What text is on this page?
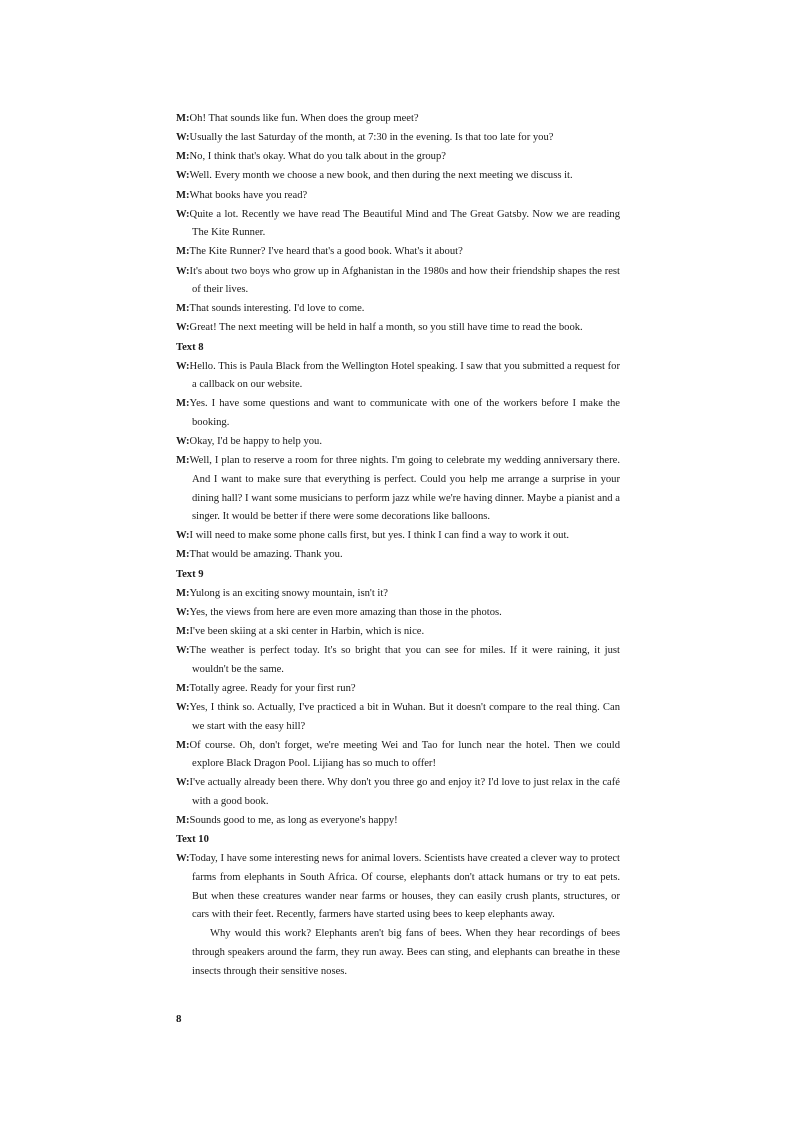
M:Oh! That sounds like fun. When does the group meet?
W:Usually the last Saturday of the month, at 7:30 in the evening. Is that too late for you?
M:No, I think that's okay. What do you talk about in the group?
W:Well. Every month we choose a new book, and then during the next meeting we discuss it.
M:What books have you read?
W:Quite a lot. Recently we have read The Beautiful Mind and The Great Gatsby. Now we are reading The Kite Runner.
M:The Kite Runner? I've heard that's a good book. What's it about?
W:It's about two boys who grow up in Afghanistan in the 1980s and how their friendship shapes the rest of their lives.
M:That sounds interesting. I'd love to come.
W:Great! The next meeting will be held in half a month, so you still have time to read the book.
Text 8
W:Hello. This is Paula Black from the Wellington Hotel speaking. I saw that you submitted a request for a callback on our website.
M:Yes. I have some questions and want to communicate with one of the workers before I make the booking.
W:Okay, I'd be happy to help you.
M:Well, I plan to reserve a room for three nights. I'm going to celebrate my wedding anniversary there. And I want to make sure that everything is perfect. Could you help me arrange a surprise in your dining hall? I want some musicians to perform jazz while we're having dinner. Maybe a pianist and a singer. It would be better if there were some decorations like balloons.
W:I will need to make some phone calls first, but yes. I think I can find a way to work it out.
M:That would be amazing. Thank you.
Text 9
M:Yulong is an exciting snowy mountain, isn't it?
W:Yes, the views from here are even more amazing than those in the photos.
M:I've been skiing at a ski center in Harbin, which is nice.
W:The weather is perfect today. It's so bright that you can see for miles. If it were raining, it just wouldn't be the same.
M:Totally agree. Ready for your first run?
W:Yes, I think so. Actually, I've practiced a bit in Wuhan. But it doesn't compare to the real thing. Can we start with the easy hill?
M:Of course. Oh, don't forget, we're meeting Wei and Tao for lunch near the hotel. Then we could explore Black Dragon Pool. Lijiang has so much to offer!
W:I've actually already been there. Why don't you three go and enjoy it? I'd love to just relax in the café with a good book.
M:Sounds good to me, as long as everyone's happy!
Text 10
W:Today, I have some interesting news for animal lovers. Scientists have created a clever way to protect farms from elephants in South Africa. Of course, elephants don't attack humans or try to eat pets. But when these creatures wander near farms or houses, they can easily crush plants, structures, or cars with their feet. Recently, farmers have started using bees to keep elephants away.
Why would this work? Elephants aren't big fans of bees. When they hear recordings of bees through speakers around the farm, they run away. Bees can sting, and elephants can breathe in these insects through their sensitive noses.
8
